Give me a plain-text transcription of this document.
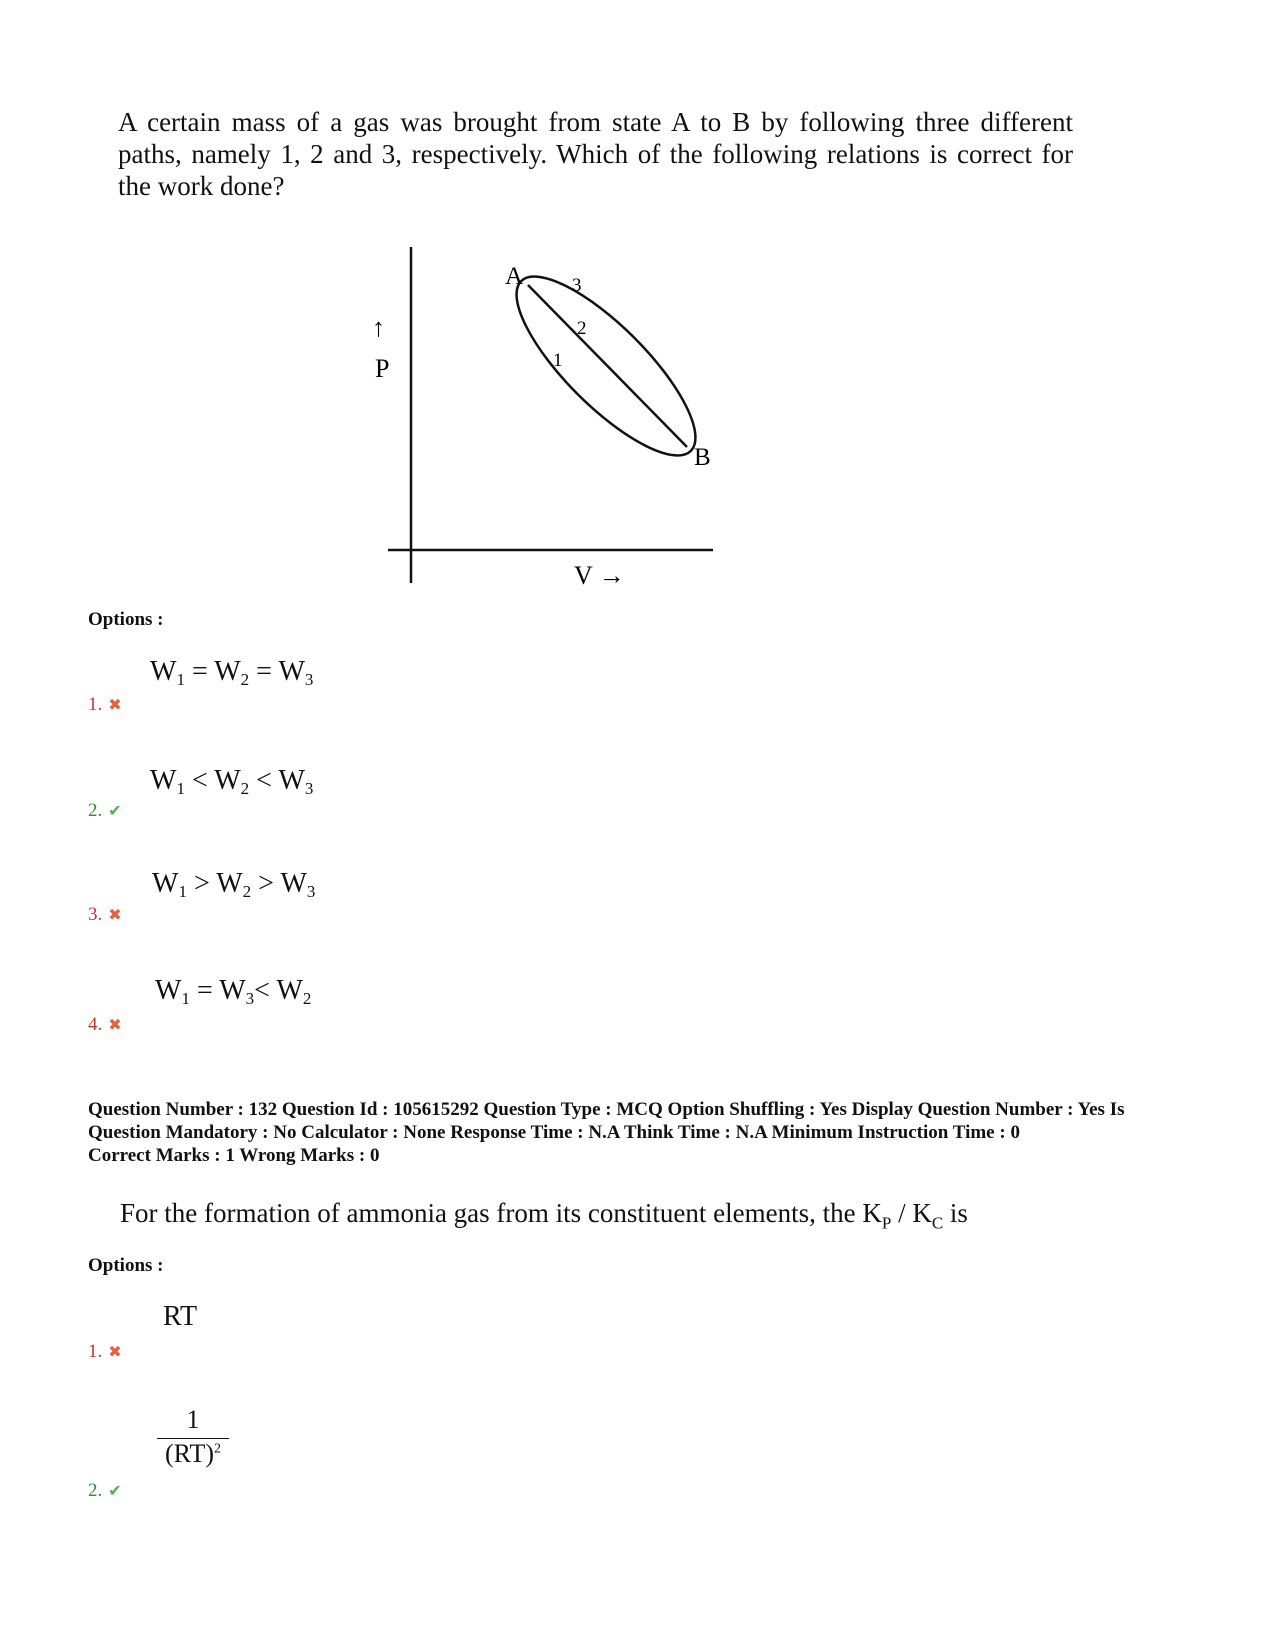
A certain mass of a gas was brought from state A to B by following three different paths, namely 1, 2 and 3, respectively. Which of the following relations is correct for the work done?
↑
P
V →
A
B
1
2
3
Options :
$W_1 = W_2 = W_3$
1. ✖
$W_1 < W_2 < W_3$
2. ✔
$W_1 > W_2 > W_3$
3. ✖
$W_1 = W_3< W_2$
4. ✖
Question Number : 132 Question Id : 105615292 Question Type : MCQ Option Shuffling : Yes Display Question Number : Yes Is Question Mandatory : No Calculator : None Response Time : N.A Think Time : N.A Minimum Instruction Time : 0
Correct Marks : 1 Wrong Marks : 0
For the formation of ammonia gas from its constituent elements, the $K_P / K_C$ is
Options :
RT
1. ✖
$\frac{1}{(RT)^2}$
2. ✔
